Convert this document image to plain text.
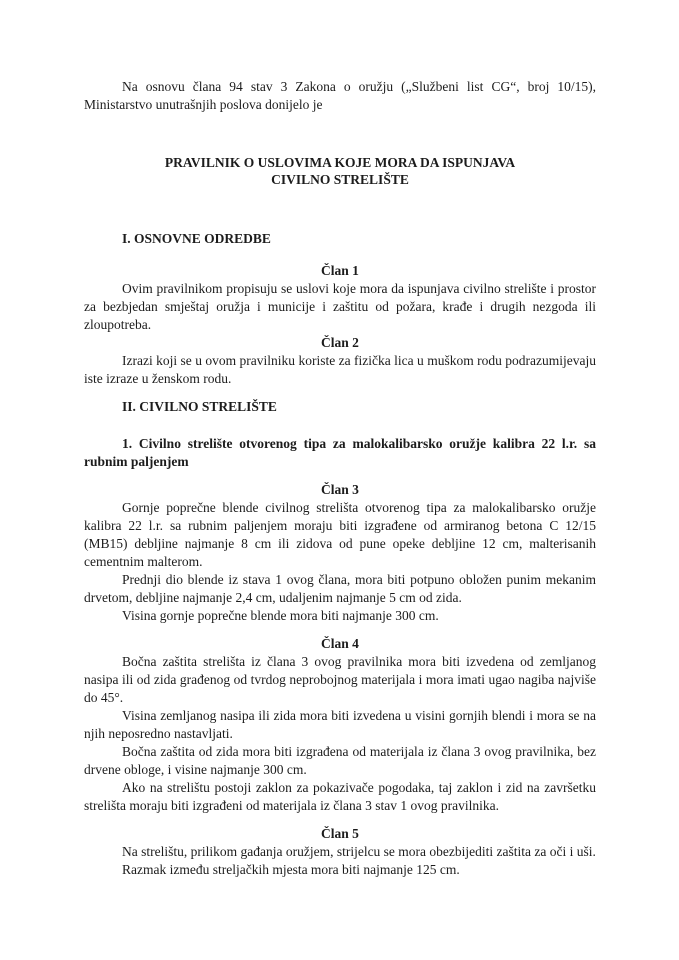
Na osnovu člana 94 stav 3 Zakona o oružju („Službeni list CG“, broj 10/15), Ministarstvo unutrašnjih poslova donijelo je

PRAVILNIK O USLOVIMA KOJE MORA DA ISPUNJAVA
CIVILNO STRELIŠTE

I. OSNOVNE ODREDBE

Član 1

Ovim pravilnikom propisuju se uslovi koje mora da ispunjava civilno strelište i prostor za bezbjedan smještaj oružja i municije i zaštitu od požara, krađe i drugih nezgoda ili zloupotreba.

Član 2

Izrazi koji se u ovom pravilniku koriste za fizička lica u muškom rodu podrazumijevaju iste izraze u ženskom rodu.

II. CIVILNO STRELIŠTE

1. Civilno strelište otvorenog tipa za malokalibarsko oružje kalibra 22 l.r. sa rubnim paljenjem

Član 3

Gornje poprečne blende civilnog strelišta otvorenog tipa za malokalibarsko oružje kalibra 22 l.r. sa rubnim paljenjem moraju biti izgrađene od armiranog betona C 12/15 (MB15) debljine najmanje 8 cm ili zidova od pune opeke debljine 12 cm, malterisanih cementnim malterom.

Prednji dio blende iz stava 1 ovog člana, mora biti potpuno obložen punim mekanim drvetom, debljine najmanje 2,4 cm, udaljenim najmanje 5 cm od zida.

Visina gornje poprečne blende mora biti najmanje 300 cm.

Član 4

Bočna zaštita strelišta iz člana 3 ovog pravilnika mora biti izvedena od zemljanog nasipa ili od zida građenog od tvrdog neprobojnog materijala i mora imati ugao nagiba najviše do 45°.

Visina zemljanog nasipa ili zida mora biti izvedena u visini gornjih blendi i mora se na njih neposredno nastavljati.

Bočna zaštita od zida mora biti izgrađena od materijala iz člana 3 ovog pravilnika, bez drvene obloge, i visine najmanje 300 cm.

Ako na strelištu postoji zaklon za pokazivače pogodaka, taj zaklon i zid na završetku strelišta moraju biti izgrađeni od materijala iz člana 3 stav 1 ovog pravilnika.

Član 5

Na strelištu, prilikom gađanja oružjem, strijelcu se mora obezbijediti zaštita za oči i uši.

Razmak između streljačkih mjesta mora biti najmanje 125 cm.
